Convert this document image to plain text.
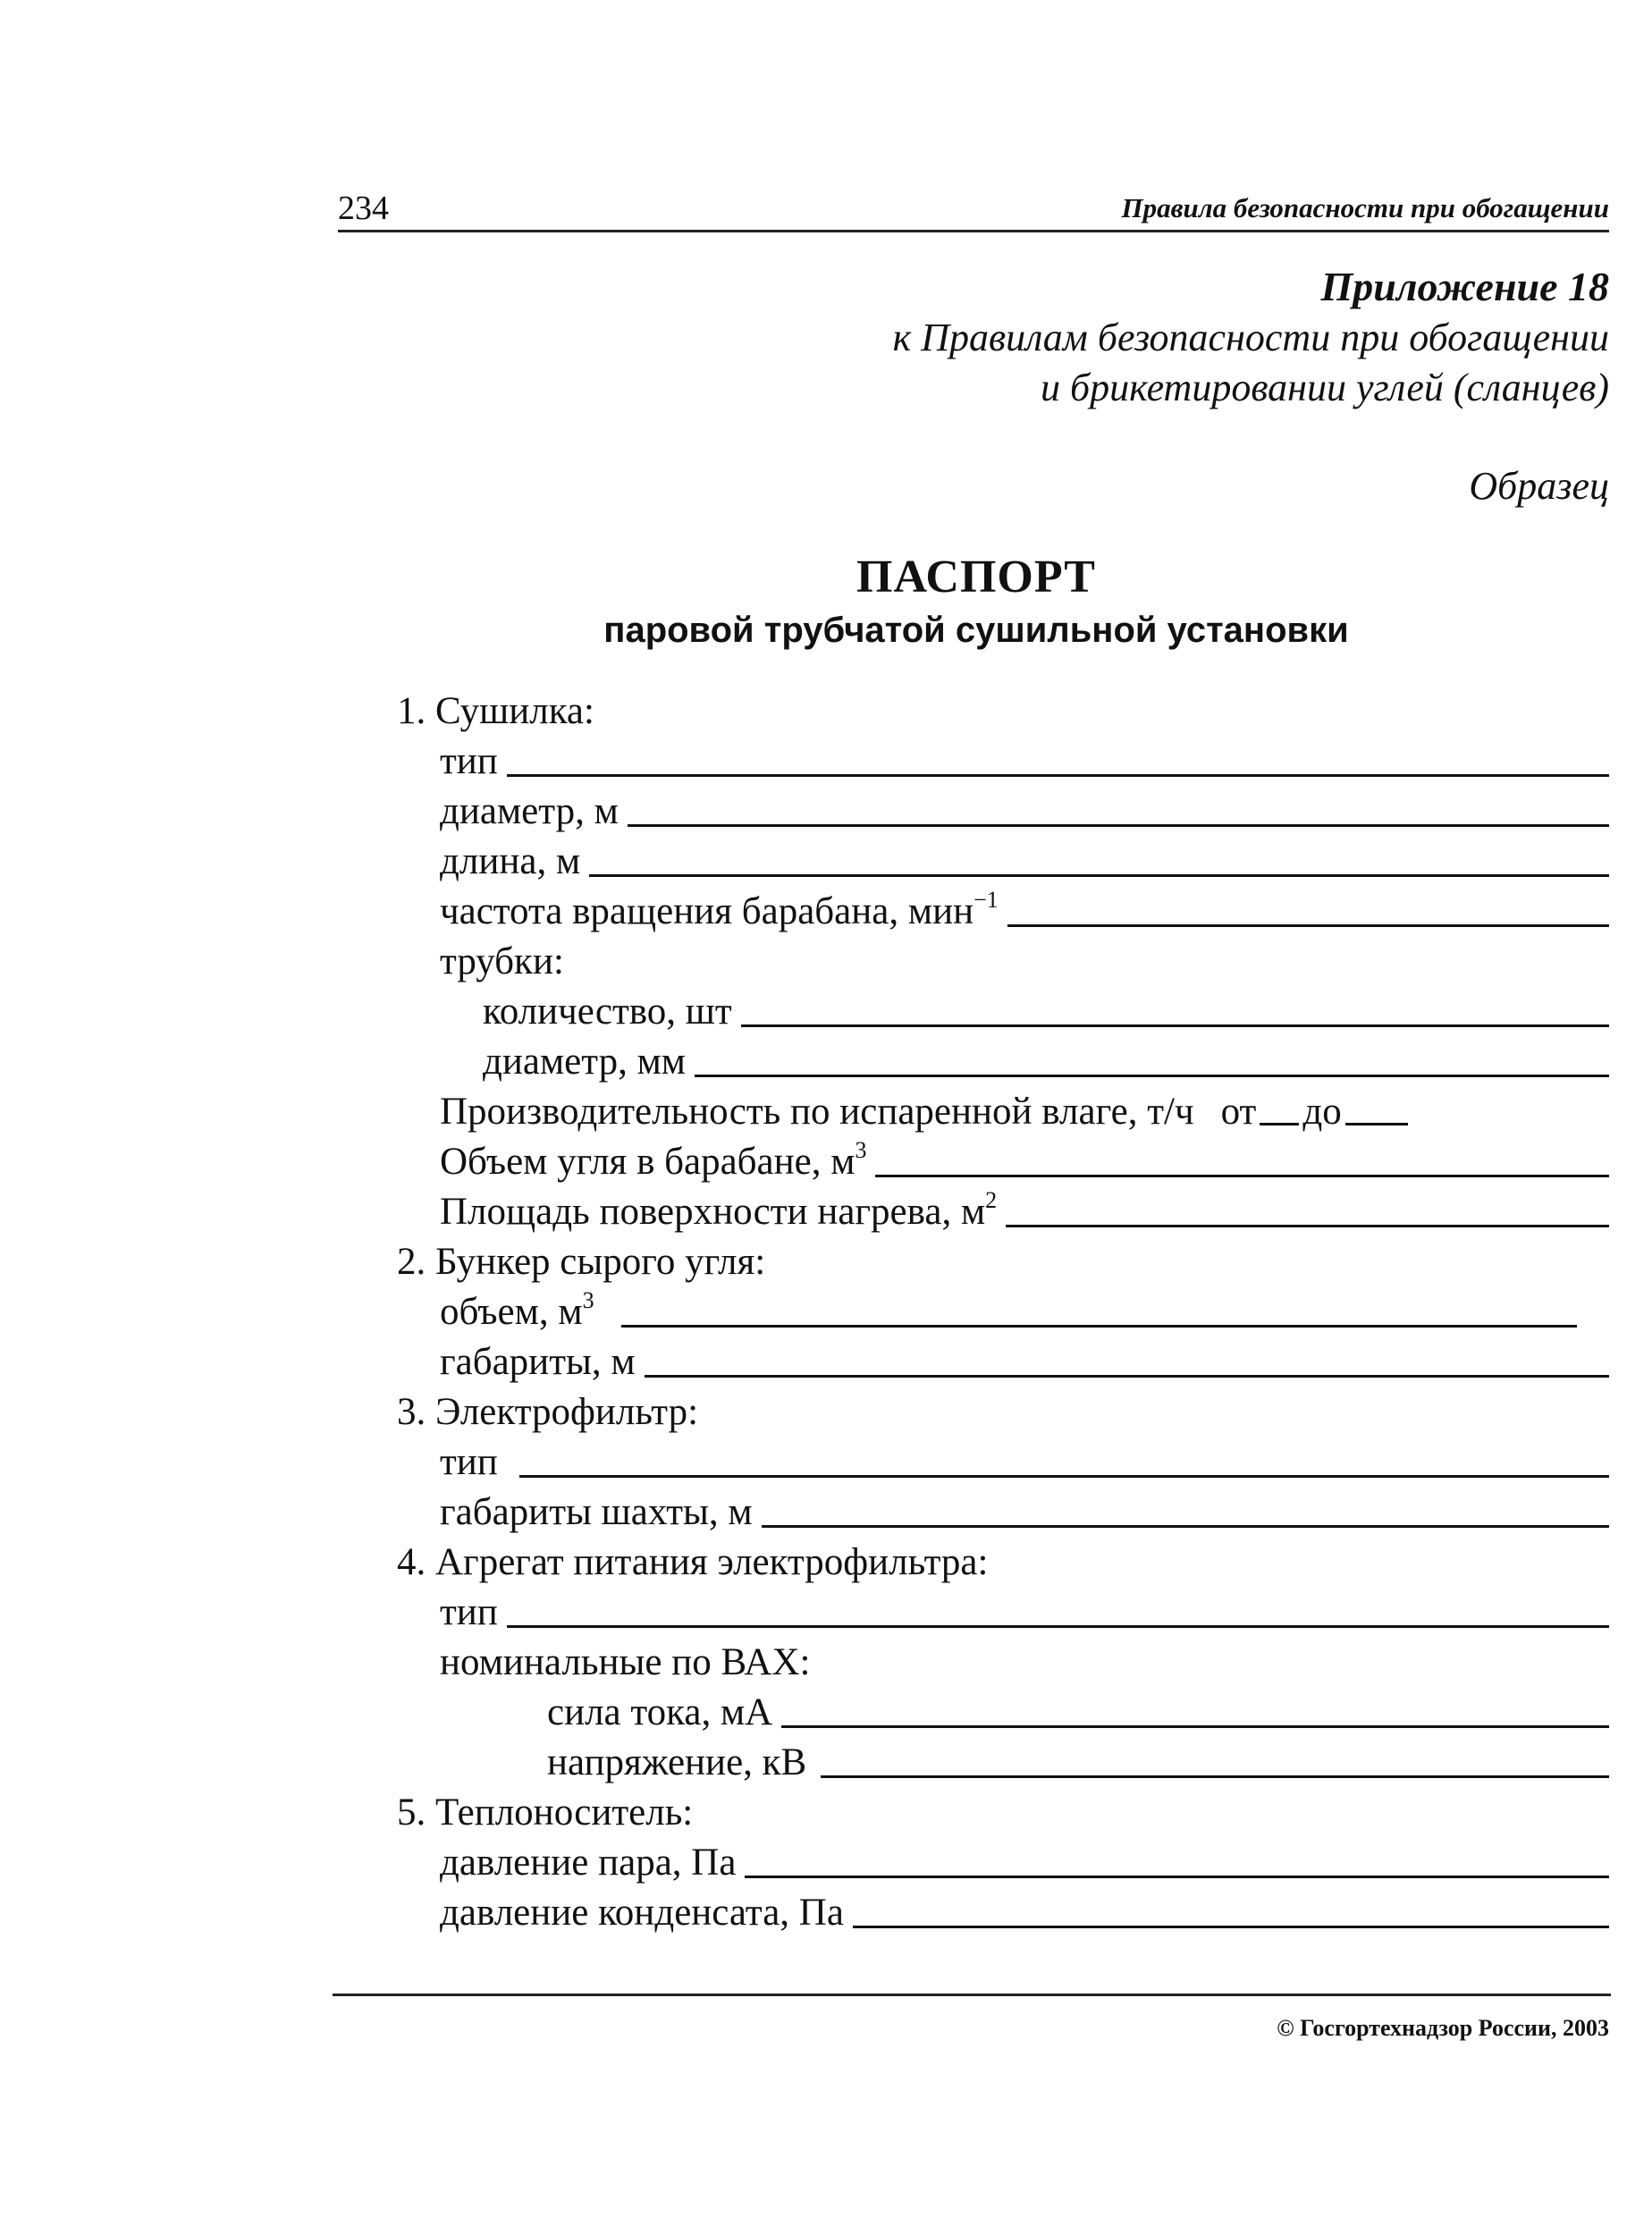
234	Правила безопасности при обогащении
Приложение 18
к Правилам безопасности при обогащении
и брикетировании углей (сланцев)
Образец
ПАСПОРТ
паровой трубчатой сушильной установки
1. Сушилка:
тип
диаметр, м
длина, м
частота вращения барабана, мин$^{-1}$
трубки:
количество, шт
диаметр, мм
Производительность по испаренной влаге, т/ч от до
Объем угля в барабане, $м^3$
Площадь поверхности нагрева, $м^2$
2. Бункер сырого угля:
объем, $м^3$
габариты, м
3. Электрофильтр:
тип
габариты шахты, м
4. Агрегат питания электрофильтра:
тип
номинальные по ВАХ:
сила тока, мА
напряжение, кВ
5. Теплоноситель:
давление пара, Па
давление конденсата, Па
© Госгортехнадзор России, 2003
